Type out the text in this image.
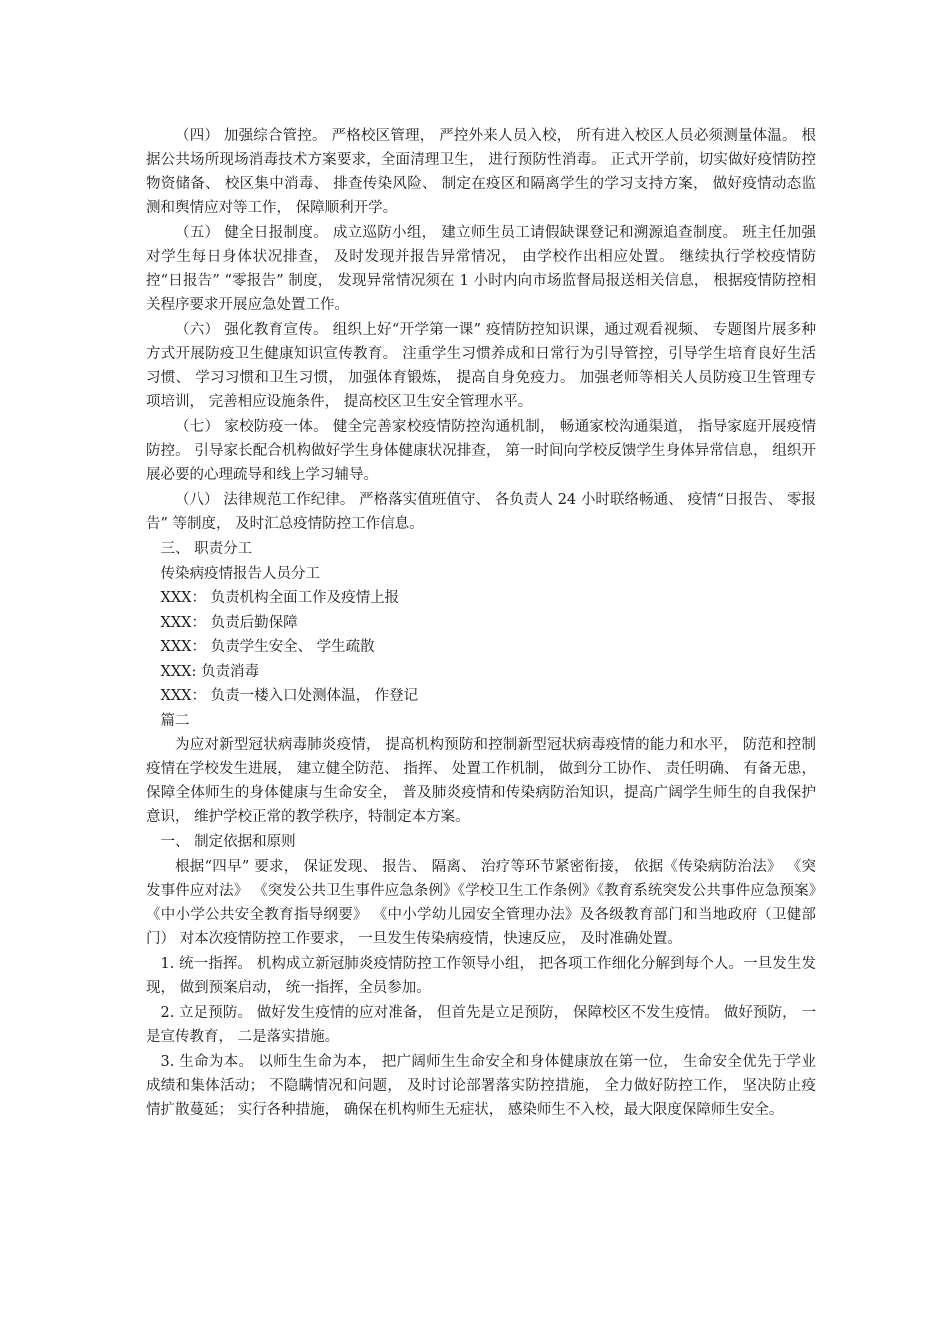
（四） 加强综合管控。 严格校区管理， 严控外来人员入校， 所有进入校区人员必须测量体温。 根据公共场所现场消毒技术方案要求，全面清理卫生， 进行预防性消毒。 正式开学前，切实做好疫情防控物资储备、 校区集中消毒、 排查传染风险、 制定在疫区和隔离学生的学习支持方案， 做好疫情动态监测和舆情应对等工作， 保障顺利开学。

（五） 健全日报制度。 成立巡防小组， 建立师生员工请假缺课登记和溯源追查制度。 班主任加强对学生每日身体状况排查， 及时发现并报告异常情况， 由学校作出相应处置。 继续执行学校疫情防控“日报告” “零报告” 制度， 发现异常情况须在 1 小时内向市场监督局报送相关信息， 根据疫情防控相关程序要求开展应急处置工作。

（六） 强化教育宣传。 组织上好“开学第一课” 疫情防控知识课，通过观看视频、 专题图片展多种方式开展防疫卫生健康知识宣传教育。 注重学生习惯养成和日常行为引导管控，引导学生培育良好生活习惯、 学习习惯和卫生习惯， 加强体育锻炼， 提高自身免疫力。 加强老师等相关人员防疫卫生管理专项培训， 完善相应设施条件， 提高校区卫生安全管理水平。

（七） 家校防疫一体。 健全完善家校疫情防控沟通机制， 畅通家校沟通渠道， 指导家庭开展疫情防控。 引导家长配合机构做好学生身体健康状况排查， 第一时间向学校反馈学生身体异常信息， 组织开展必要的心理疏导和线上学习辅导。

（八） 法律规范工作纪律。 严格落实值班值守、 各负责人 24 小时联络畅通、 疫情“日报告、 零报告” 等制度， 及时汇总疫情防控工作信息。

三、 职责分工

传染病疫情报告人员分工

XXX： 负责机构全面工作及疫情上报

XXX： 负责后勤保障

XXX： 负责学生安全、 学生疏散

XXX: 负责消毒

XXX： 负责一楼入口处测体温， 作登记

篇二

为应对新型冠状病毒肺炎疫情， 提高机构预防和控制新型冠状病毒疫情的能力和水平， 防范和控制疫情在学校发生进展， 建立健全防范、 指挥、 处置工作机制， 做到分工协作、 责任明确、 有备无患，保障全体师生的身体健康与生命安全， 普及肺炎疫情和传染病防治知识，提高广阔学生师生的自我保护意识， 维护学校正常的教学秩序，特制定本方案。

一、 制定依据和原则

根据“四早” 要求， 保证发现、 报告、 隔离、 治疗等环节紧密衔接， 依据《传染病防治法》 《突发事件应对法》 《突发公共卫生事件应急条例》《学校卫生工作条例》《教育系统突发公共事件应急预案》《中小学公共安全教育指导纲要》 《中小学幼儿园安全管理办法》及各级教育部门和当地政府（卫健部门） 对本次疫情防控工作要求， 一旦发生传染病疫情，快速反应， 及时准确处置。

1. 统一指挥。 机构成立新冠肺炎疫情防控工作领导小组， 把各项工作细化分解到每个人。一旦发生发现， 做到预案启动， 统一指挥，全员参加。

2. 立足预防。 做好发生疫情的应对准备， 但首先是立足预防， 保障校区不发生疫情。 做好预防， 一是宣传教育， 二是落实措施。

3. 生命为本。 以师生生命为本， 把广阔师生生命安全和身体健康放在第一位， 生命安全优先于学业成绩和集体活动； 不隐瞒情况和问题， 及时讨论部署落实防控措施， 全力做好防控工作， 坚决防止疫情扩散蔓延； 实行各种措施， 确保在机构师生无症状， 感染师生不入校，最大限度保障师生安全。
